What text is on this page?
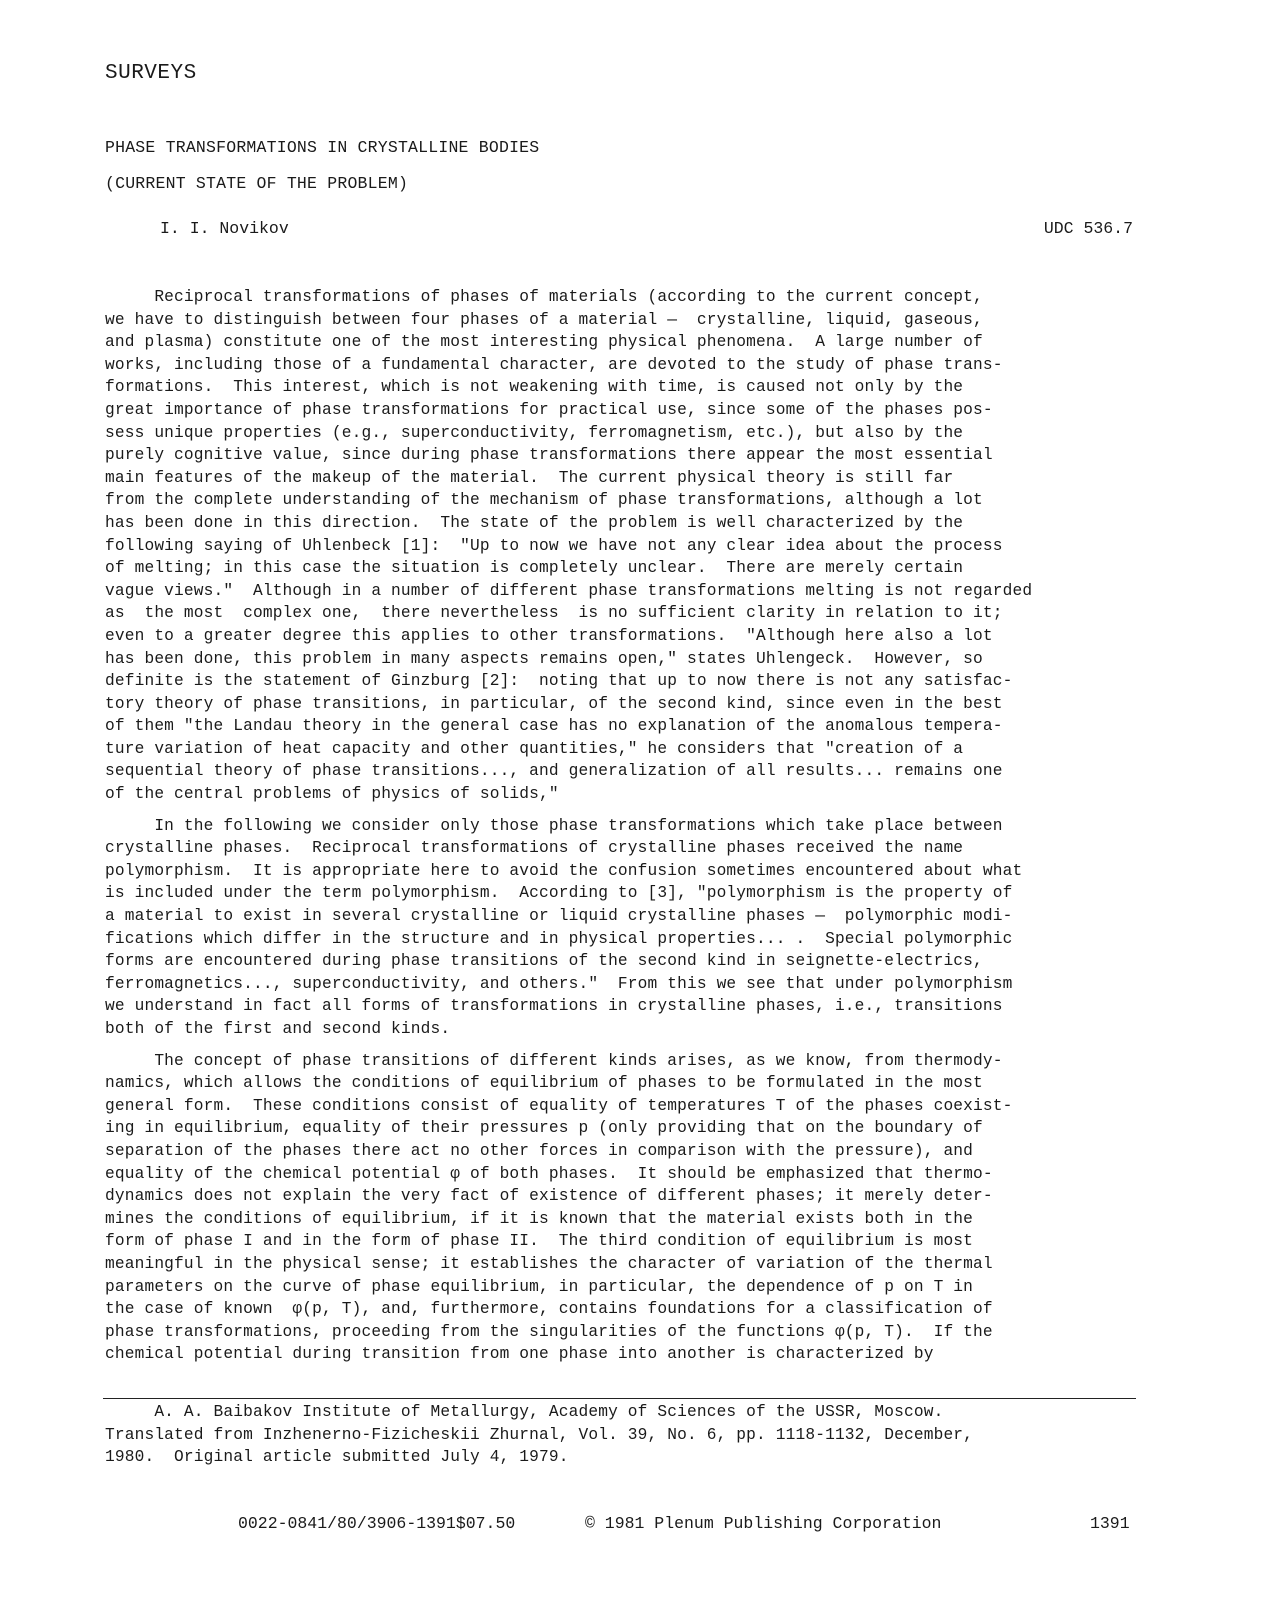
SURVEYS
PHASE TRANSFORMATIONS IN CRYSTALLINE BODIES
(CURRENT STATE OF THE PROBLEM)
I. I. Novikov	UDC 536.7
Reciprocal transformations of phases of materials (according to the current concept,
we have to distinguish between four phases of a material —  crystalline, liquid, gaseous,
and plasma) constitute one of the most interesting physical phenomena.  A large number of
works, including those of a fundamental character, are devoted to the study of phase trans-
formations.  This interest, which is not weakening with time, is caused not only by the
great importance of phase transformations for practical use, since some of the phases pos-
sess unique properties (e.g., superconductivity, ferromagnetism, etc.), but also by the
purely cognitive value, since during phase transformations there appear the most essential
main features of the makeup of the material.  The current physical theory is still far
from the complete understanding of the mechanism of phase transformations, although a lot
has been done in this direction.  The state of the problem is well characterized by the
following saying of Uhlenbeck [1]:  "Up to now we have not any clear idea about the process
of melting; in this case the situation is completely unclear.  There are merely certain
vague views."  Although in a number of different phase transformations melting is not regarded
as  the most  complex one,  there nevertheless  is no sufficient clarity in relation to it;
even to a greater degree this applies to other transformations.  "Although here also a lot
has been done, this problem in many aspects remains open," states Uhlengeck.  However, so
definite is the statement of Ginzburg [2]:  noting that up to now there is not any satisfac-
tory theory of phase transitions, in particular, of the second kind, since even in the best
of them "the Landau theory in the general case has no explanation of the anomalous tempera-
ture variation of heat capacity and other quantities," he considers that "creation of a
sequential theory of phase transitions..., and generalization of all results... remains one
of the central problems of physics of solids,"
In the following we consider only those phase transformations which take place between
crystalline phases.  Reciprocal transformations of crystalline phases received the name
polymorphism.  It is appropriate here to avoid the confusion sometimes encountered about what
is included under the term polymorphism.  According to [3], "polymorphism is the property of
a material to exist in several crystalline or liquid crystalline phases —  polymorphic modi-
fications which differ in the structure and in physical properties... .  Special polymorphic
forms are encountered during phase transitions of the second kind in seignette-electrics,
ferromagnetics..., superconductivity, and others."  From this we see that under polymorphism
we understand in fact all forms of transformations in crystalline phases, i.e., transitions
both of the first and second kinds.
The concept of phase transitions of different kinds arises, as we know, from thermody-
namics, which allows the conditions of equilibrium of phases to be formulated in the most
general form.  These conditions consist of equality of temperatures T of the phases coexist-
ing in equilibrium, equality of their pressures p (only providing that on the boundary of
separation of the phases there act no other forces in comparison with the pressure), and
equality of the chemical potential φ of both phases.  It should be emphasized that thermo-
dynamics does not explain the very fact of existence of different phases; it merely deter-
mines the conditions of equilibrium, if it is known that the material exists both in the
form of phase I and in the form of phase II.  The third condition of equilibrium is most
meaningful in the physical sense; it establishes the character of variation of the thermal
parameters on the curve of phase equilibrium, in particular, the dependence of p on T in
the case of known  φ(p, T), and, furthermore, contains foundations for a classification of
phase transformations, proceeding from the singularities of the functions φ(p, T).  If the
chemical potential during transition from one phase into another is characterized by
A. A. Baibakov Institute of Metallurgy, Academy of Sciences of the USSR, Moscow.
Translated from Inzhenerno-Fizicheskii Zhurnal, Vol. 39, No. 6, pp. 1118-1132, December,
1980.  Original article submitted July 4, 1979.
0022-0841/80/3906-1391$07.50	© 1981 Plenum Publishing Corporation	1391
